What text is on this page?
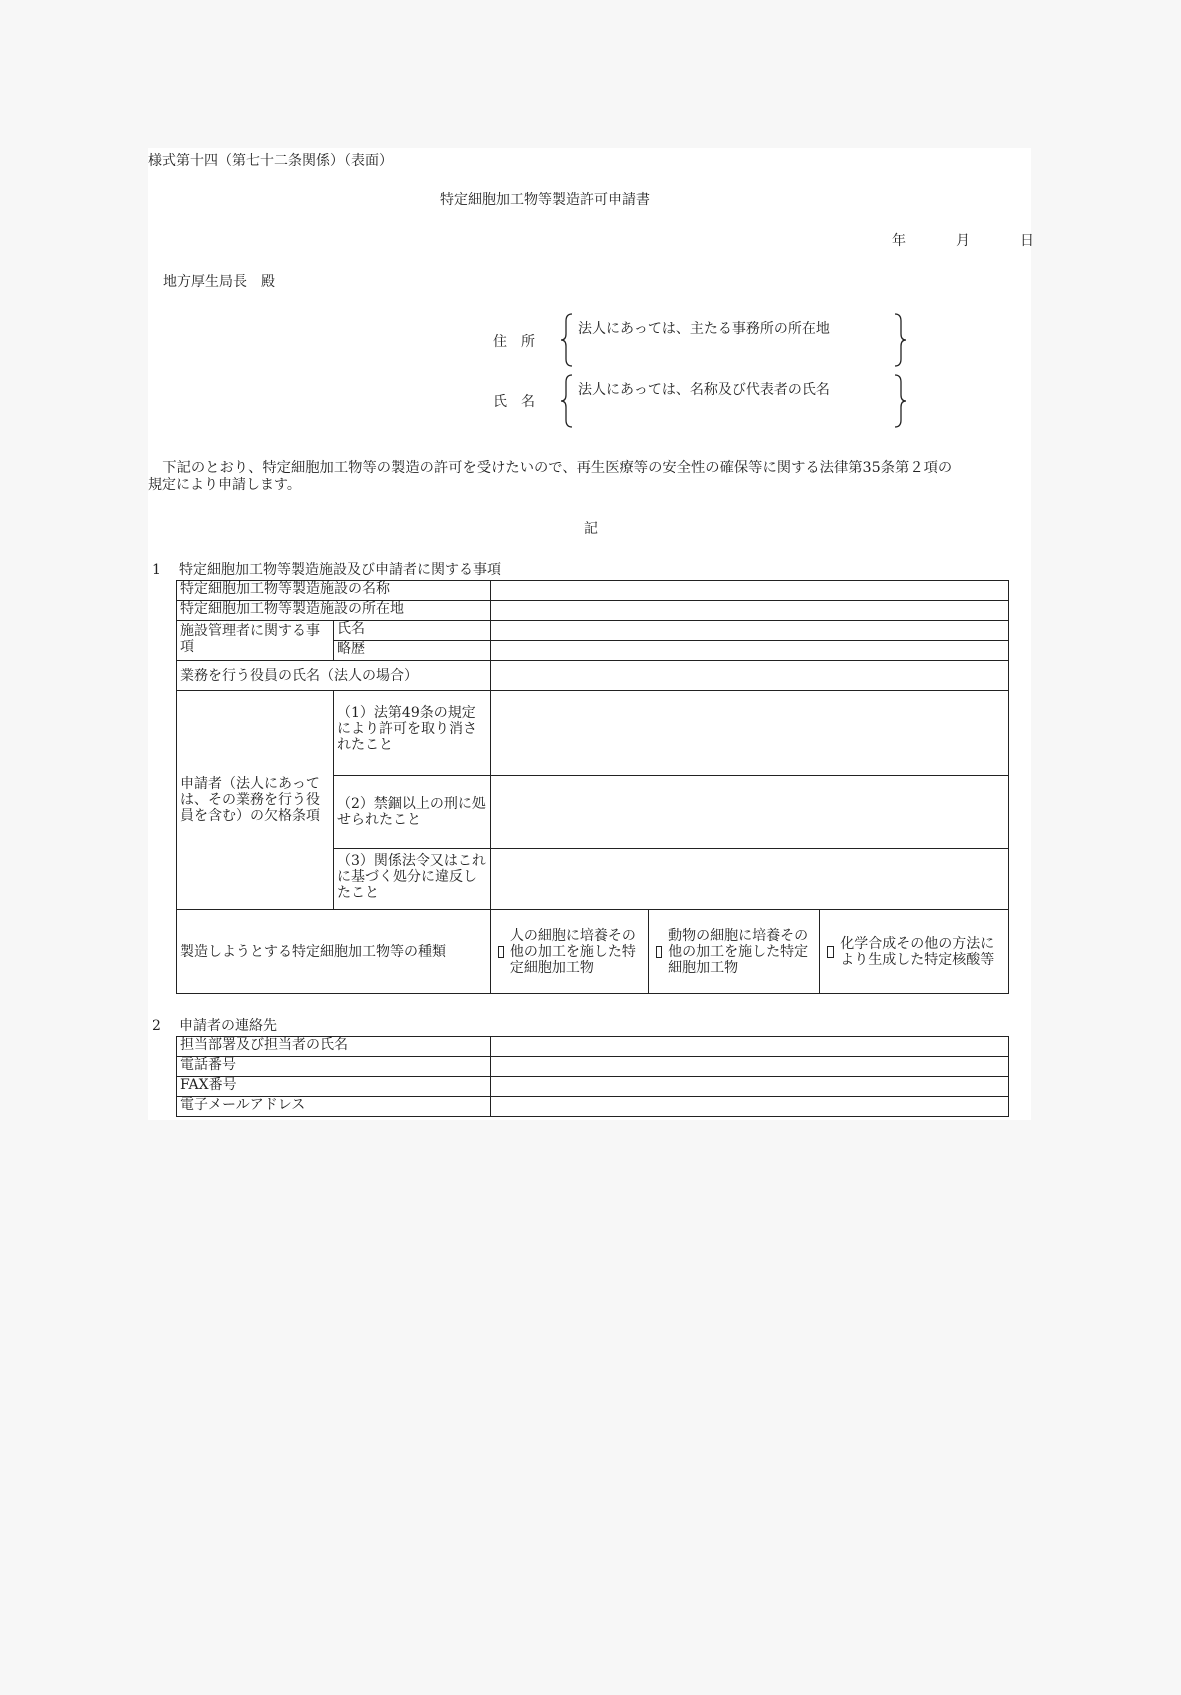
様式第十四（第七十二条関係）（表面）
特定細胞加工物等製造許可申請書
年	月	日
地方厚生局長　殿
住　所
法人にあっては、主たる事務所の所在地
氏　名
法人にあっては、名称及び代表者の氏名
　下記のとおり、特定細胞加工物等の製造の許可を受けたいので、再生医療等の安全性の確保等に関する法律第35条第２項の
規定により申請します。
記
1 特定細胞加工物等製造施設及び申請者に関する事項
特定細胞加工物等製造施設の名称				
特定細胞加工物等製造施設の所在地				
施設管理者に関する事項	氏名			
	略歴			
業務を行う役員の氏名（法人の場合）				
申請者（法人にあっては、その業務を行う役員を含む）の欠格条項	（1）法第49条の規定により許可を取り消されたこと			
	（2）禁錮以上の刑に処せられたこと			
	（3）関係法令又はこれに基づく処分に違反したこと			
製造しようとする特定細胞加工物等の種類		人の細胞に培養その他の加工を施した特定細胞加工物	動物の細胞に培養その他の加工を施した特定細胞加工物	化学合成その他の方法により生成した特定核酸等
2 申請者の連絡先
担当部署及び担当者の氏名	
電話番号	
FAX番号	
電子メールアドレス	
